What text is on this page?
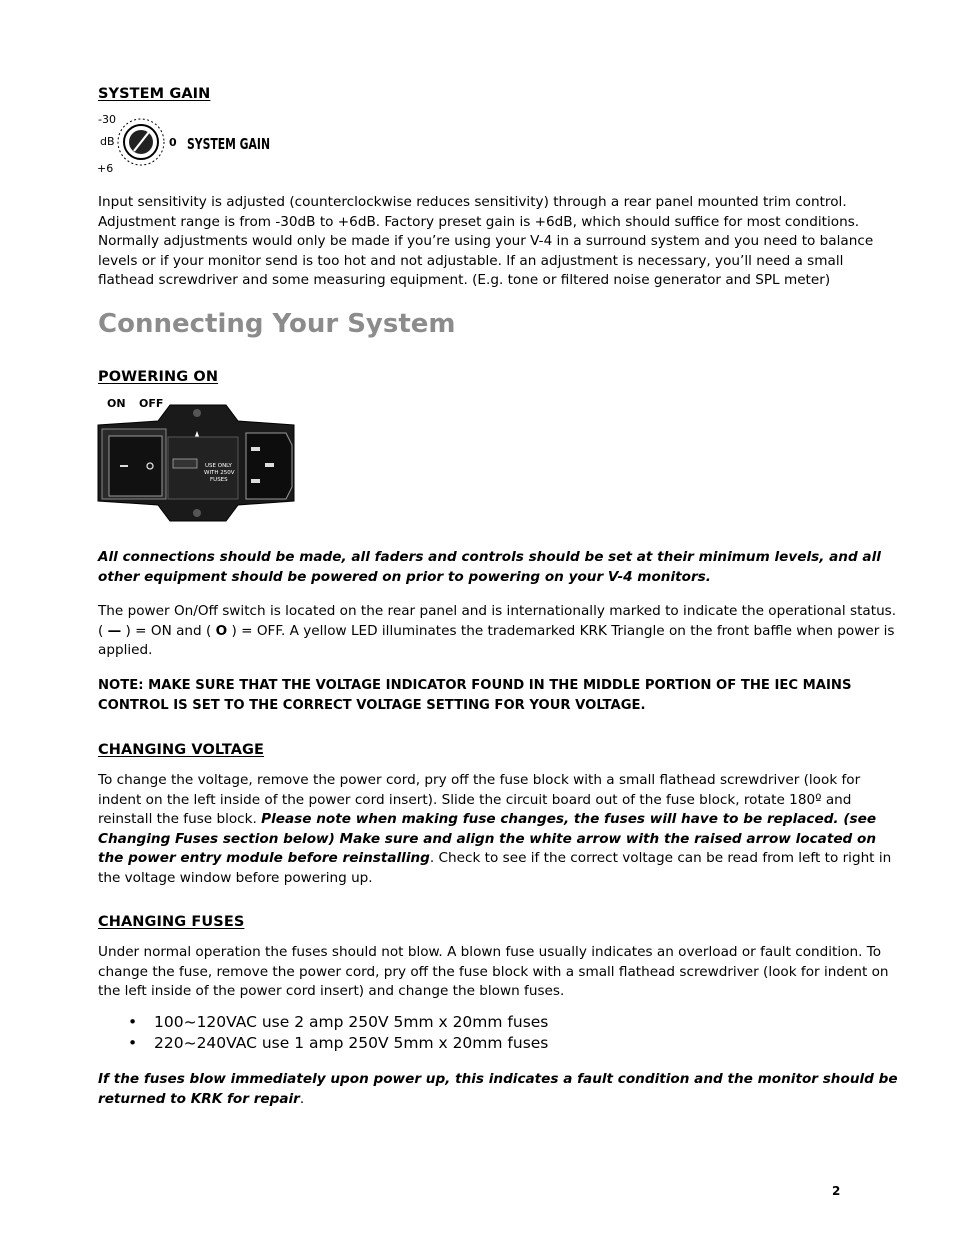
SYSTEM GAIN
-30
dB
+6
0 SYSTEM GAIN
Input sensitivity is adjusted (counterclockwise reduces sensitivity) through a rear panel mounted trim control. Adjustment range is from -30dB to +6dB. Factory preset gain is +6dB, which should suffice for most conditions. Normally adjustments would only be made if you’re using your V-4 in a surround system and you need to balance levels or if your monitor send is too hot and not adjustable. If an adjustment is necessary, you’ll need a small flathead screwdriver and some measuring equipment. (E.g. tone or filtered noise generator and SPL meter)
Connecting Your System
POWERING ON
ON OFF
USE ONLY
WITH 250V
FUSES
All connections should be made, all faders and controls should be set at their minimum levels, and all other equipment should be powered on prior to powering on your V-4 monitors.
The power On/Off switch is located on the rear panel and is internationally marked to indicate the operational status. ( — ) = ON and ( O ) = OFF. A yellow LED illuminates the trademarked KRK Triangle on the front baffle when power is applied.
NOTE: MAKE SURE THAT THE VOLTAGE INDICATOR FOUND IN THE MIDDLE PORTION OF THE IEC MAINS CONTROL IS SET TO THE CORRECT VOLTAGE SETTING FOR YOUR VOLTAGE.
CHANGING VOLTAGE
To change the voltage, remove the power cord, pry off the fuse block with a small flathead screwdriver (look for indent on the left inside of the power cord insert). Slide the circuit board out of the fuse block, rotate 180º and reinstall the fuse block. Please note when making fuse changes, the fuses will have to be replaced. (see Changing Fuses section below) Make sure and align the white arrow with the raised arrow located on the power entry module before reinstalling. Check to see if the correct voltage can be read from left to right in the voltage window before powering up.
CHANGING FUSES
Under normal operation the fuses should not blow. A blown fuse usually indicates an overload or fault condition. To change the fuse, remove the power cord, pry off the fuse block with a small flathead screwdriver (look for indent on the left inside of the power cord insert) and change the blown fuses.
• 100~120VAC use 2 amp 250V 5mm x 20mm fuses
• 220~240VAC use 1 amp 250V 5mm x 20mm fuses
If the fuses blow immediately upon power up, this indicates a fault condition and the monitor should be returned to KRK for repair.
2
